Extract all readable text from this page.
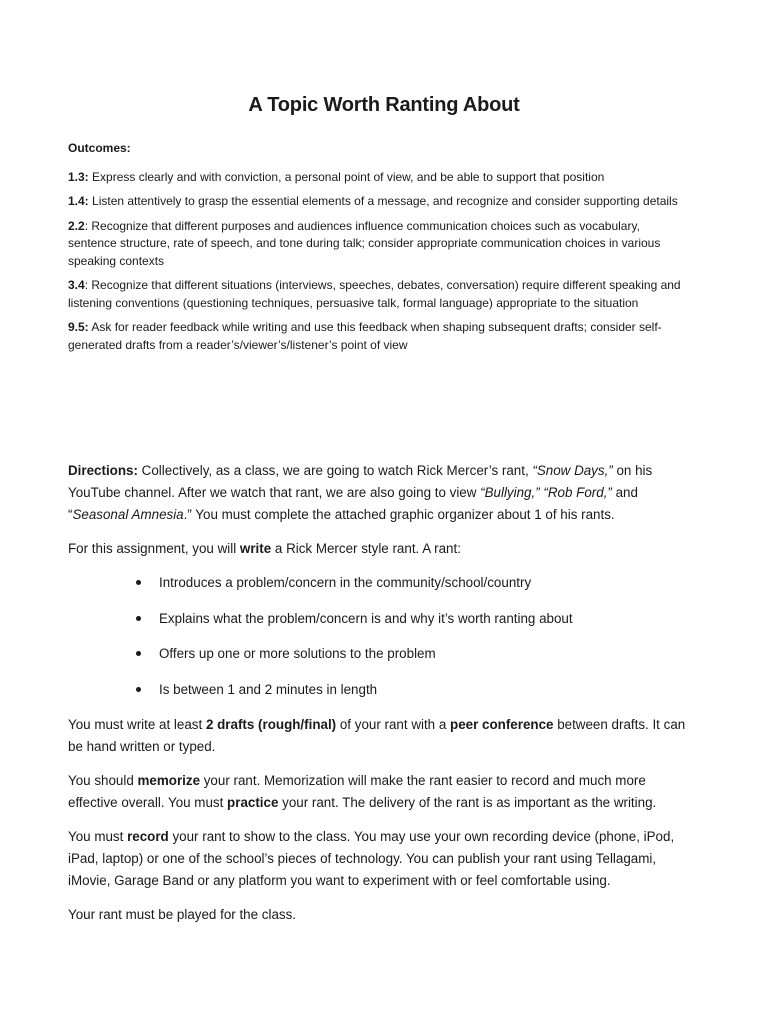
A Topic Worth Ranting About
Outcomes:

1.3: Express clearly and with conviction, a personal point of view, and be able to support that position

1.4: Listen attentively to grasp the essential elements of a message, and recognize and consider supporting details

2.2: Recognize that different purposes and audiences influence communication choices such as vocabulary, sentence structure, rate of speech, and tone during talk; consider appropriate communication choices in various speaking contexts

3.4: Recognize that different situations (interviews, speeches, debates, conversation) require different speaking and listening conventions (questioning techniques, persuasive talk, formal language) appropriate to the situation

9.5: Ask for reader feedback while writing and use this feedback when shaping subsequent drafts; consider self-generated drafts from a reader’s/viewer’s/listener’s point of view

Directions: Collectively, as a class, we are going to watch Rick Mercer’s rant, “Snow Days,” on his YouTube channel. After we watch that rant, we are also going to view “Bullying,” “Rob Ford,” and “Seasonal Amnesia.” You must complete the attached graphic organizer about 1 of his rants.

For this assignment, you will write a Rick Mercer style rant. A rant:

Introduces a problem/concern in the community/school/country
Explains what the problem/concern is and why it’s worth ranting about
Offers up one or more solutions to the problem
Is between 1 and 2 minutes in length

You must write at least 2 drafts (rough/final) of your rant with a peer conference between drafts. It can be hand written or typed.

You should memorize your rant. Memorization will make the rant easier to record and much more effective overall. You must practice your rant. The delivery of the rant is as important as the writing.

You must record your rant to show to the class. You may use your own recording device (phone, iPod, iPad, laptop) or one of the school’s pieces of technology. You can publish your rant using Tellagami, iMovie, Garage Band or any platform you want to experiment with or feel comfortable using.

Your rant must be played for the class.
